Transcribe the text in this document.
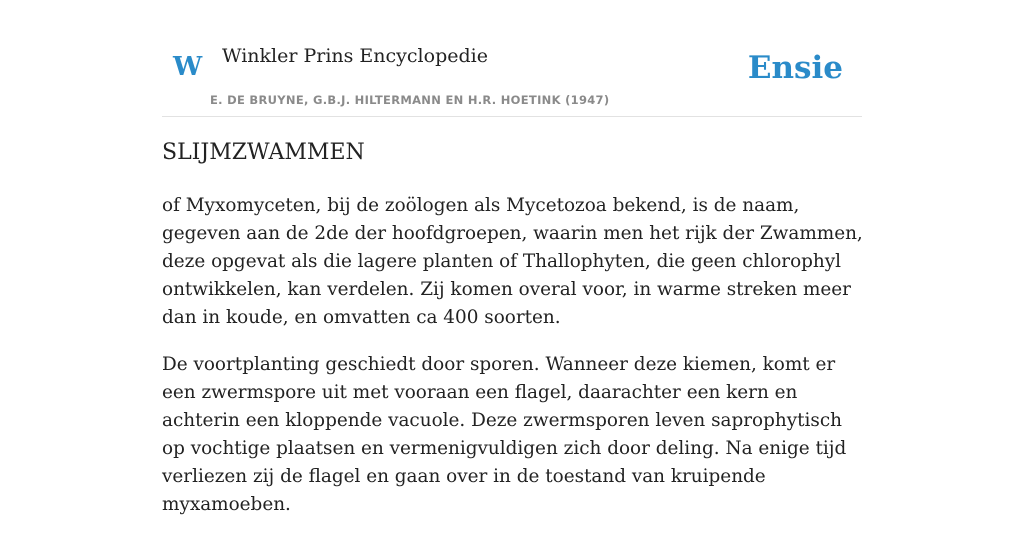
W Winkler Prins Encyclopedie
E. DE BRUYNE, G.B.J. HILTERMANN EN H.R. HOETINK (1947)
Ensie
SLIJMZWAMMEN

of Myxomyceten, bij de zoölogen als Mycetozoa bekend, is de naam, gegeven aan de 2de der hoofdgroepen, waarin men het rijk der Zwammen, deze opgevat als die lagere planten of Thallophyten, die geen chlorophyl ontwikkelen, kan verdelen. Zij komen overal voor, in warme streken meer dan in koude, en omvatten ca 400 soorten.

De voortplanting geschiedt door sporen. Wanneer deze kiemen, komt er een zwermspore uit met vooraan een flagel, daarachter een kern en achterin een kloppende vacuole. Deze zwermsporen leven saprophytisch op vochtige plaatsen en vermenigvuldigen zich door deling. Na enige tijd verliezen zij de flagel en gaan over in de toestand van kruipende myxamoeben.
